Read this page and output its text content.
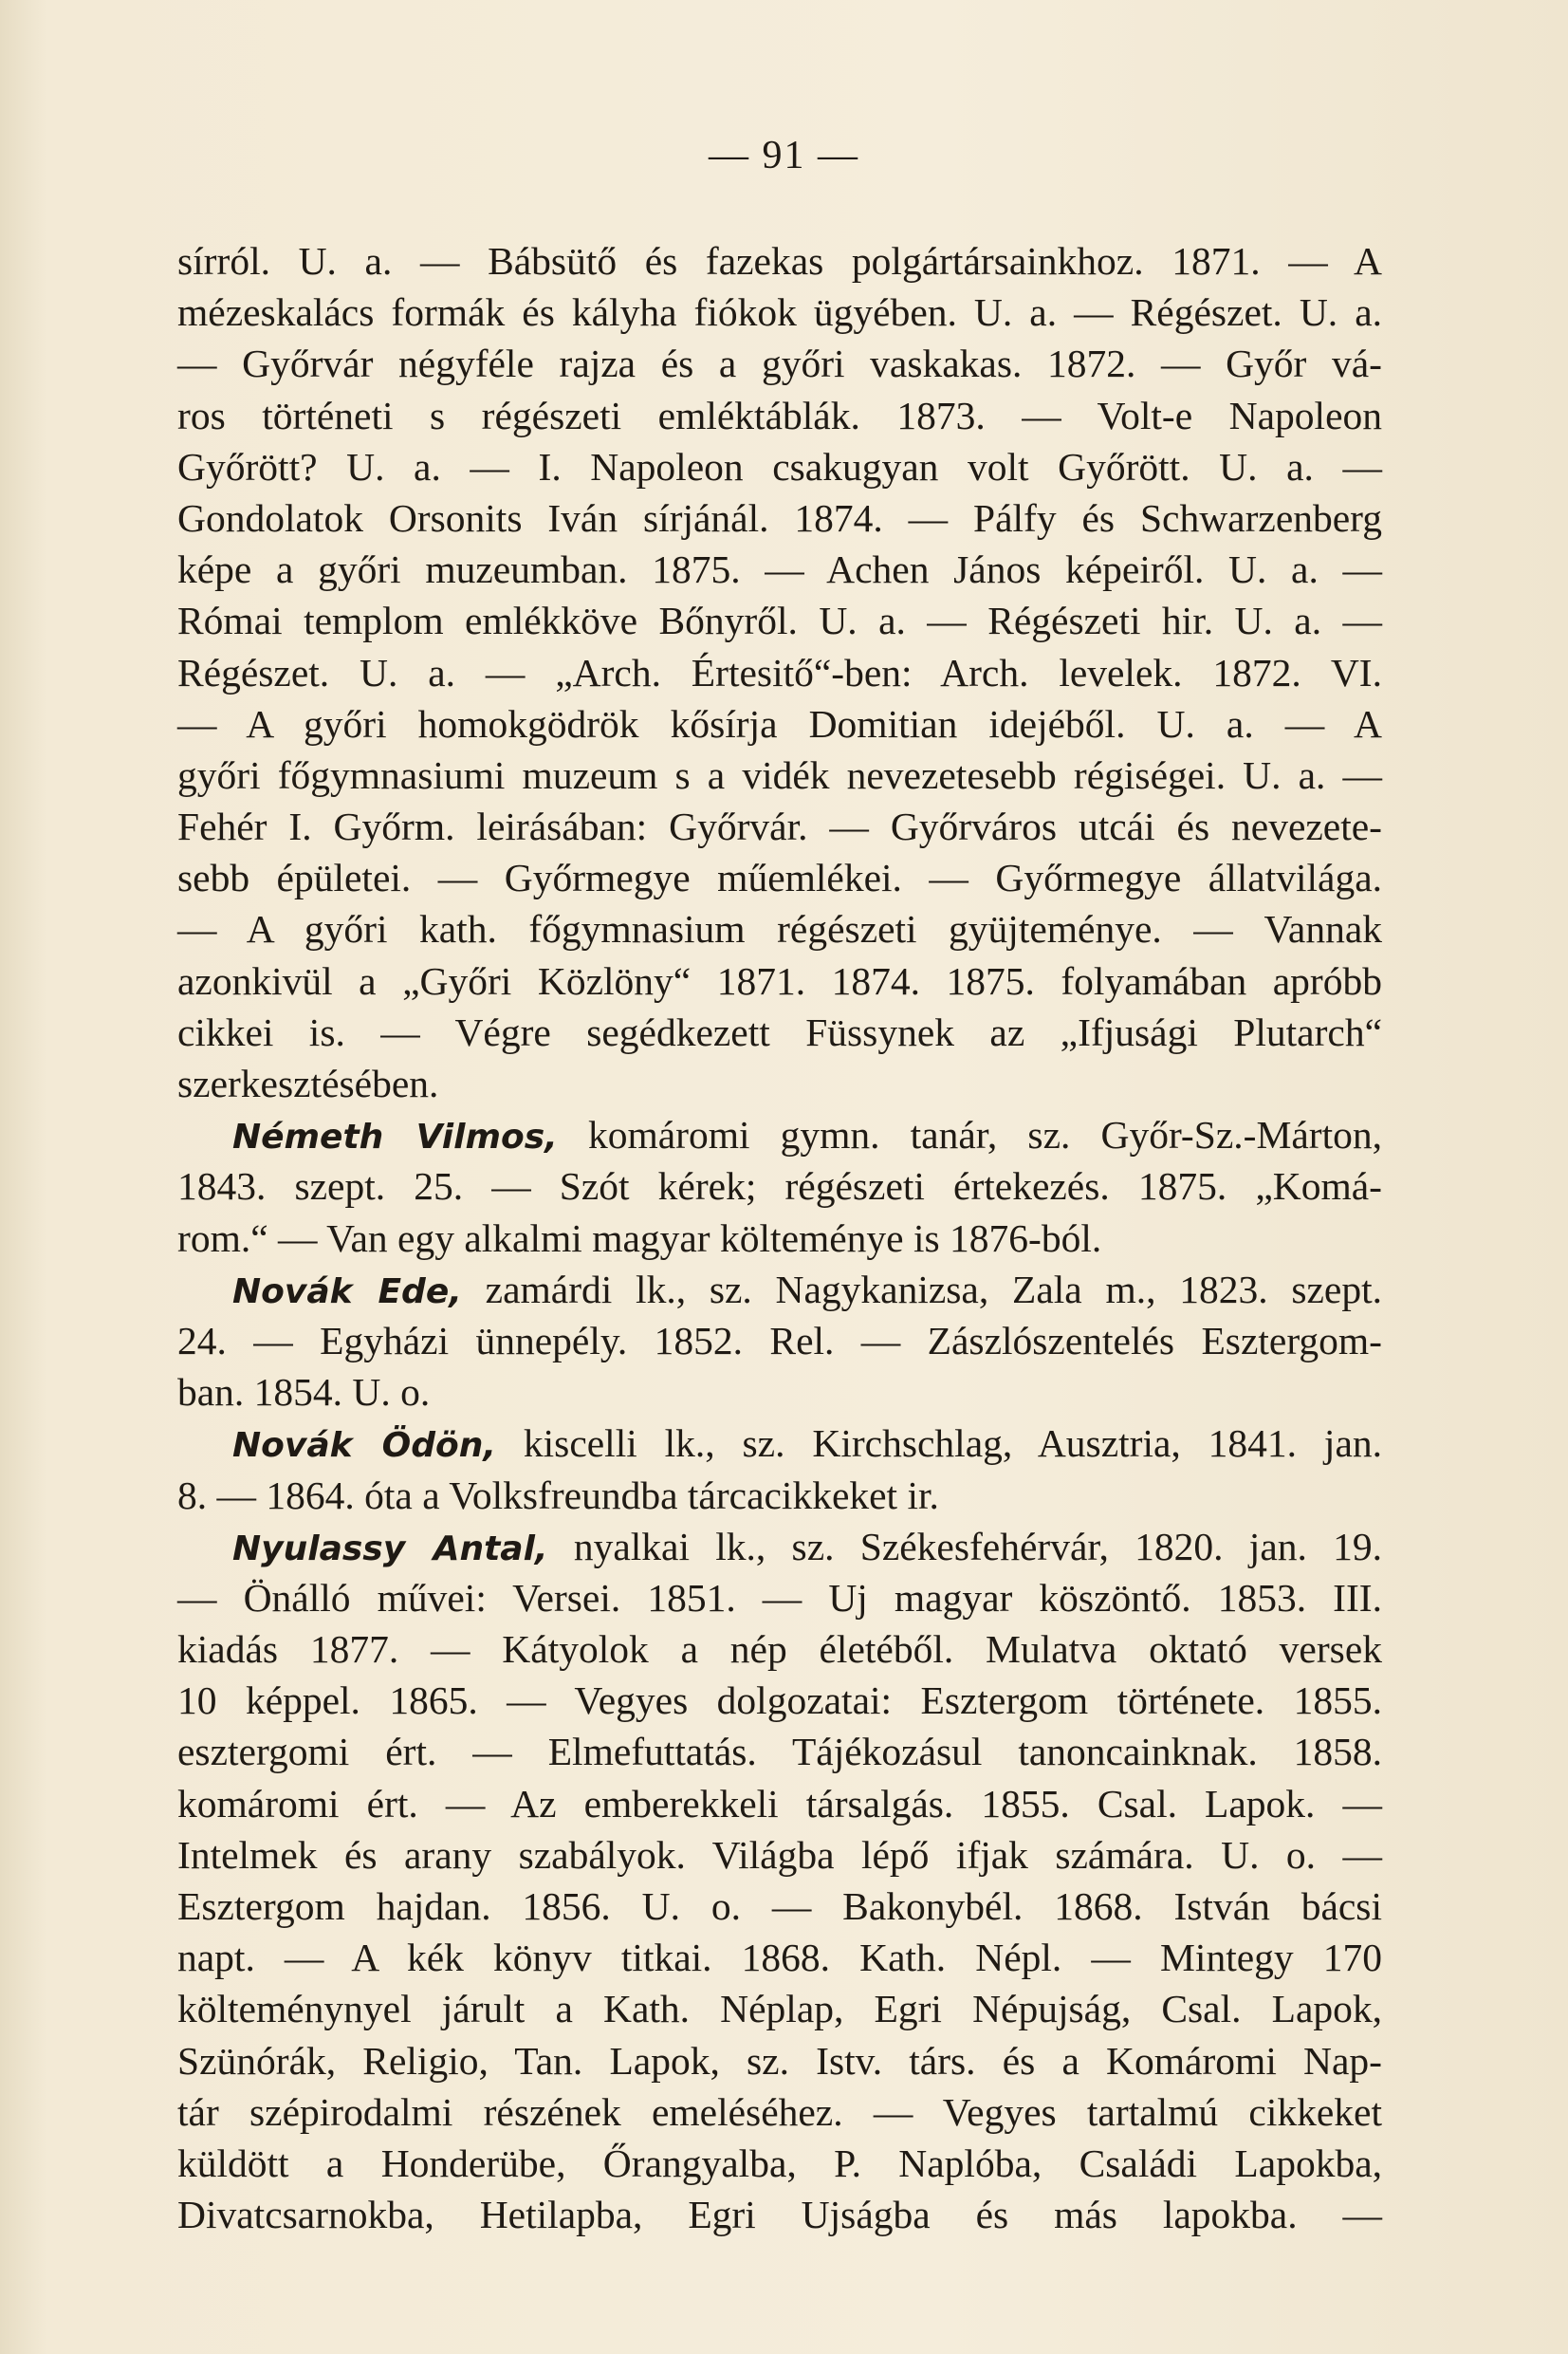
— 91 —
sírról. U. a. — Bábsütő és fazekas polgártársainkhoz. 1871. — A
mézeskalács formák és kályha fiókok ügyében. U. a. — Régészet. U. a.
— Győrvár négyféle rajza és a győri vaskakas. 1872. — Győr vá-
ros történeti s régészeti emléktáblák. 1873. — Volt-e Napoleon
Győrött? U. a. — I. Napoleon csakugyan volt Győrött. U. a. —
Gondolatok Orsonits Iván sírjánál. 1874. — Pálfy és Schwarzenberg
képe a győri muzeumban. 1875. — Achen János képeiről. U. a. —
Római templom emlékköve Bőnyről. U. a. — Régészeti hir. U. a. —
Régészet. U. a. — „Arch. Értesitő“-ben: Arch. levelek. 1872. VI.
— A győri homokgödrök kősírja Domitian idejéből. U. a. — A
győri főgymnasiumi muzeum s a vidék nevezetesebb régiségei. U. a. —
Fehér I. Győrm. leirásában: Győrvár. — Győrváros utcái és nevezete-
sebb épületei. — Győrmegye műemlékei. — Győrmegye állatvilága.
— A győri kath. főgymnasium régészeti gyüjteménye. — Vannak
azonkivül a „Győri Közlöny“ 1871. 1874. 1875. folyamában apróbb
cikkei is. — Végre segédkezett Füssynek az „Ifjusági Plutarch“
szerkesztésében.
Németh Vilmos, komáromi gymn. tanár, sz. Győr-Sz.-Márton,
1843. szept. 25. — Szót kérek; régészeti értekezés. 1875. „Komá-
rom.“ — Van egy alkalmi magyar költeménye is 1876-ból.
Novák Ede, zamárdi lk., sz. Nagykanizsa, Zala m., 1823. szept.
24. — Egyházi ünnepély. 1852. Rel. — Zászlószentelés Esztergom-
ban. 1854. U. o.
Novák Ödön, kiscelli lk., sz. Kirchschlag, Ausztria, 1841. jan.
8. — 1864. óta a Volksfreundba tárcacikkeket ir.
Nyulassy Antal, nyalkai lk., sz. Székesfehérvár, 1820. jan. 19.
— Önálló művei: Versei. 1851. — Uj magyar köszöntő. 1853. III.
kiadás 1877. — Kátyolok a nép életéből. Mulatva oktató versek
10 képpel. 1865. — Vegyes dolgozatai: Esztergom története. 1855.
esztergomi ért. — Elmefuttatás. Tájékozásul tanoncainknak. 1858.
komáromi ért. — Az emberekkeli társalgás. 1855. Csal. Lapok. —
Intelmek és arany szabályok. Világba lépő ifjak számára. U. o. —
Esztergom hajdan. 1856. U. o. — Bakonybél. 1868. István bácsi
napt. — A kék könyv titkai. 1868. Kath. Népl. — Mintegy 170
költeménynyel járult a Kath. Néplap, Egri Népujság, Csal. Lapok,
Szünórák, Religio, Tan. Lapok, sz. Istv. társ. és a Komáromi Nap-
tár szépirodalmi részének emeléséhez. — Vegyes tartalmú cikkeket
küldött a Honderübe, Őrangyalba, P. Naplóba, Családi Lapokba,
Divatcsarnokba, Hetilapba, Egri Ujságba és más lapokba. —
